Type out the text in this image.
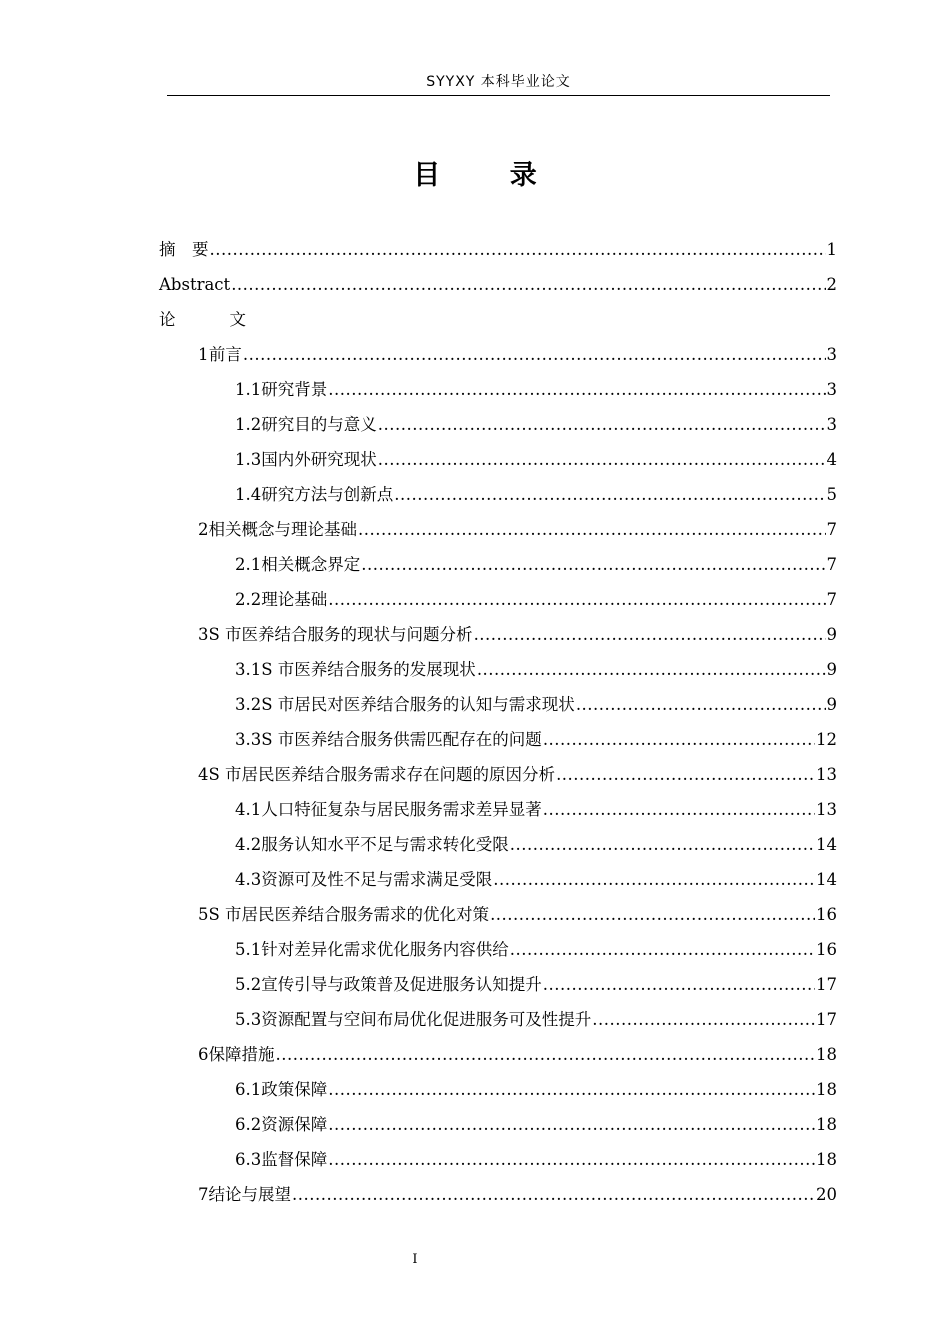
SYYXY 本科毕业论文
目 录
摘　要 .....	1
Abstract .....	2
论	文
1 前言 .....	3
1.1 研究背景 .....	3
1.2 研究目的与意义 .....	3
1.3 国内外研究现状 .....	4
1.4 研究方法与创新点 .....	5
2 相关概念与理论基础 .....	7
2.1 相关概念界定 .....	7
2.2 理论基础 .....	7
3 S 市医养结合服务的现状与问题分析 .....	9
3.1 S 市医养结合服务的发展现状 .....	9
3.2 S 市居民对医养结合服务的认知与需求现状 .....	9
3.3 S 市医养结合服务供需匹配存在的问题 .....	12
4 S 市居民医养结合服务需求存在问题的原因分析 .....	13
4.1 人口特征复杂与居民服务需求差异显著 .....	13
4.2 服务认知水平不足与需求转化受限 .....	14
4.3 资源可及性不足与需求满足受限 .....	14
5 S 市居民医养结合服务需求的优化对策 .....	16
5.1 针对差异化需求优化服务内容供给 .....	16
5.2 宣传引导与政策普及促进服务认知提升 .....	17
5.3 资源配置与空间布局优化促进服务可及性提升 .....	17
6 保障措施 .....	18
6.1 政策保障 .....	18
6.2 资源保障 .....	18
6.3 监督保障 .....	18
7 结论与展望 .....	20
I
